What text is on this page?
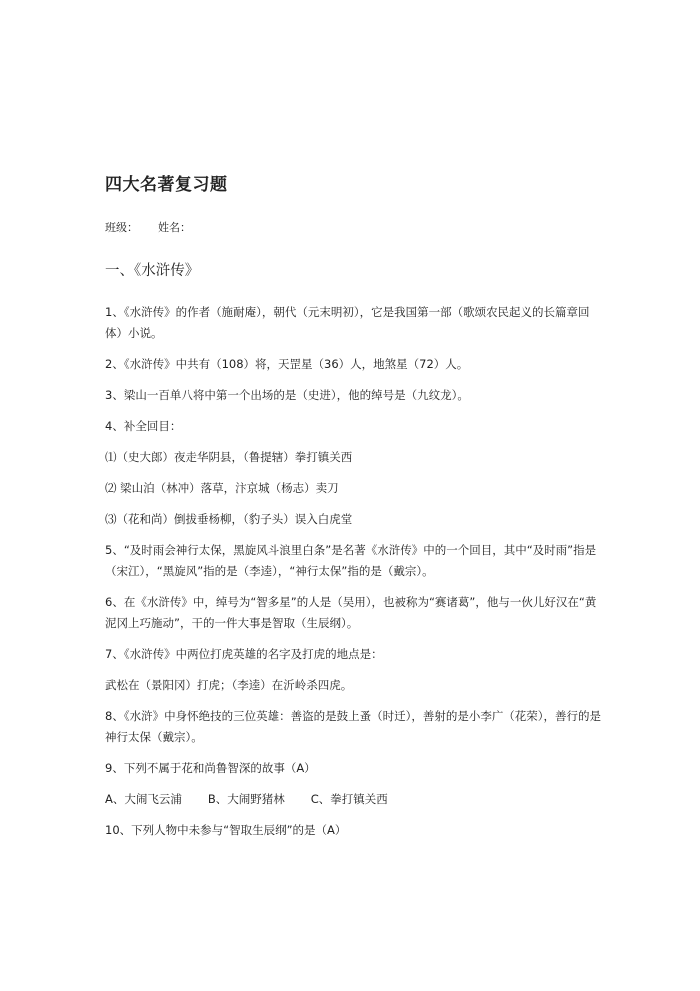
四大名著复习题
班级： 姓名：
一、《水浒传》
1、《水浒传》的作者（施耐庵），朝代（元末明初），它是我国第一部（歌颂农民起义的长篇章回体）小说。
2、《水浒传》中共有（108）将，天罡星（36）人，地煞星（72）人。
3、梁山一百单八将中第一个出场的是（史进），他的绰号是（九纹龙）。
4、补全回目：
⑴（史大郎）夜走华阴县，（鲁提辖）拳打镇关西
⑵ 梁山泊（林冲）落草，汴京城（杨志）卖刀
⑶（花和尚）倒拔垂杨柳，（豹子头）误入白虎堂
5、“及时雨会神行太保，黑旋风斗浪里白条”是名著《水浒传》中的一个回目，其中“及时雨”指是（宋江），“黑旋风”指的是（李逵），“神行太保”指的是（戴宗）。
6、在《水浒传》中，绰号为“智多星”的人是（吴用），也被称为“赛诸葛”，他与一伙儿好汉在“黄泥冈上巧施动”，干的一件大事是智取（生辰纲）。
7、《水浒传》中两位打虎英雄的名字及打虎的地点是：
武松在（景阳冈）打虎；（李逵）在沂岭杀四虎。
8、《水浒》中身怀绝技的三位英雄：善盗的是鼓上蚤（时迁），善射的是小李广（花荣），善行的是神行太保（戴宗）。
9、下列不属于花和尚鲁智深的故事（A）
A、大闹飞云浦 B、大闹野猪林 C、拳打镇关西
10、下列人物中未参与“智取生辰纲”的是（A）
